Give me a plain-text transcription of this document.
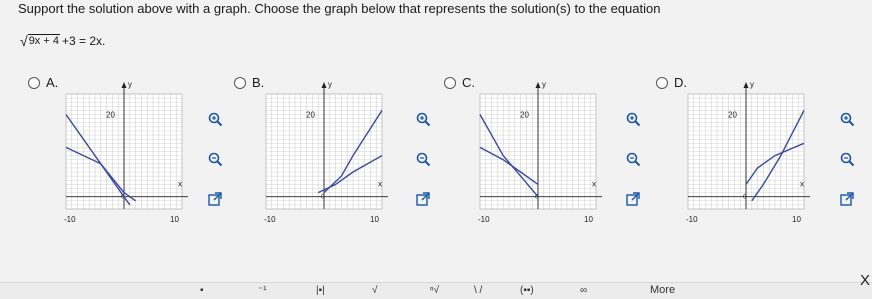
Support the solution above with a graph. Choose the graph below that represents the solution(s) to the equation
√ 9x + 4 +3 = 2x.
A.	B.	C.	D.
▪	⁻¹	|▪|	√	ⁿ√	\ /	(▪▪)	∞	More
X
20
y
x
0
-10	10
20
y
x
0
-10	10
20
y
x
0
-10	10
20
y
x
0
-10	10
